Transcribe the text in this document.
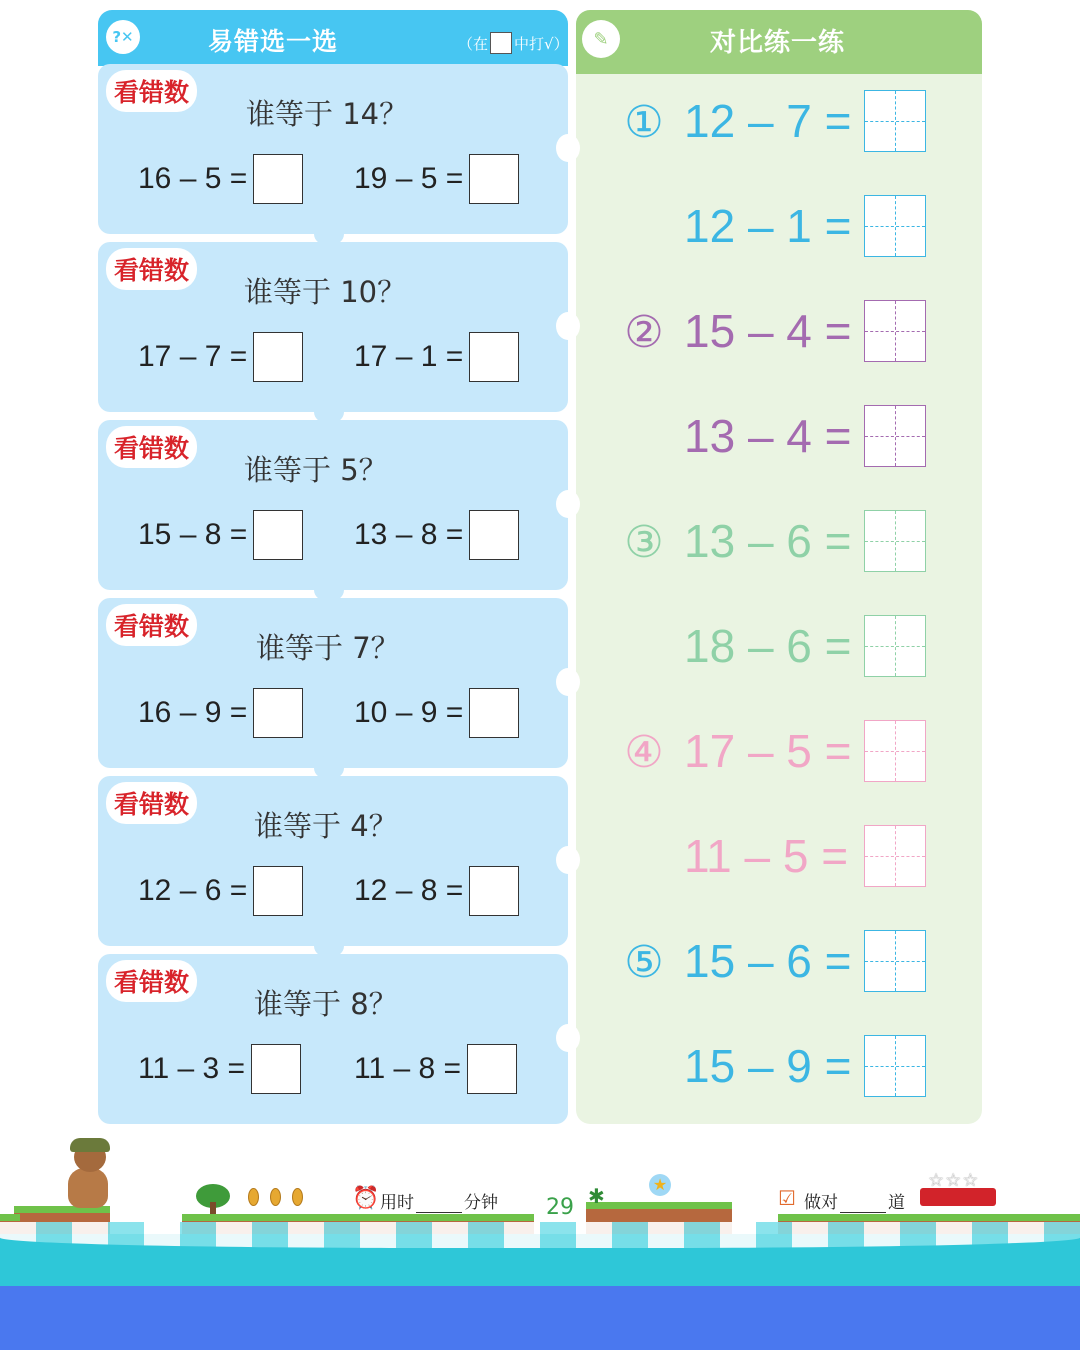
?✕	易错选一选	（在 中打√）
看错数
谁等于 14？
16 – 5 =	19 – 5 =
看错数
谁等于 10？
17 – 7 =	17 – 1 =
看错数
谁等于 5？
15 – 8 =	13 – 8 =
看错数
谁等于 7？
16 – 9 =	10 – 9 =
看错数
谁等于 4？
12 – 6 =	12 – 8 =
看错数
谁等于 8？
11 – 3 =	11 – 8 =
✎	对比练一练
① 12 – 7 =
12 – 1 =
② 15 – 4 =
13 – 4 =
③ 13 – 6 =
18 – 6 =
④ 17 – 5 =
11 – 5 =
⑤ 15 – 6 =
15 – 9 =
⏰ 用时	分钟 29 ✱	★
☑ 做对	道
☆☆☆
